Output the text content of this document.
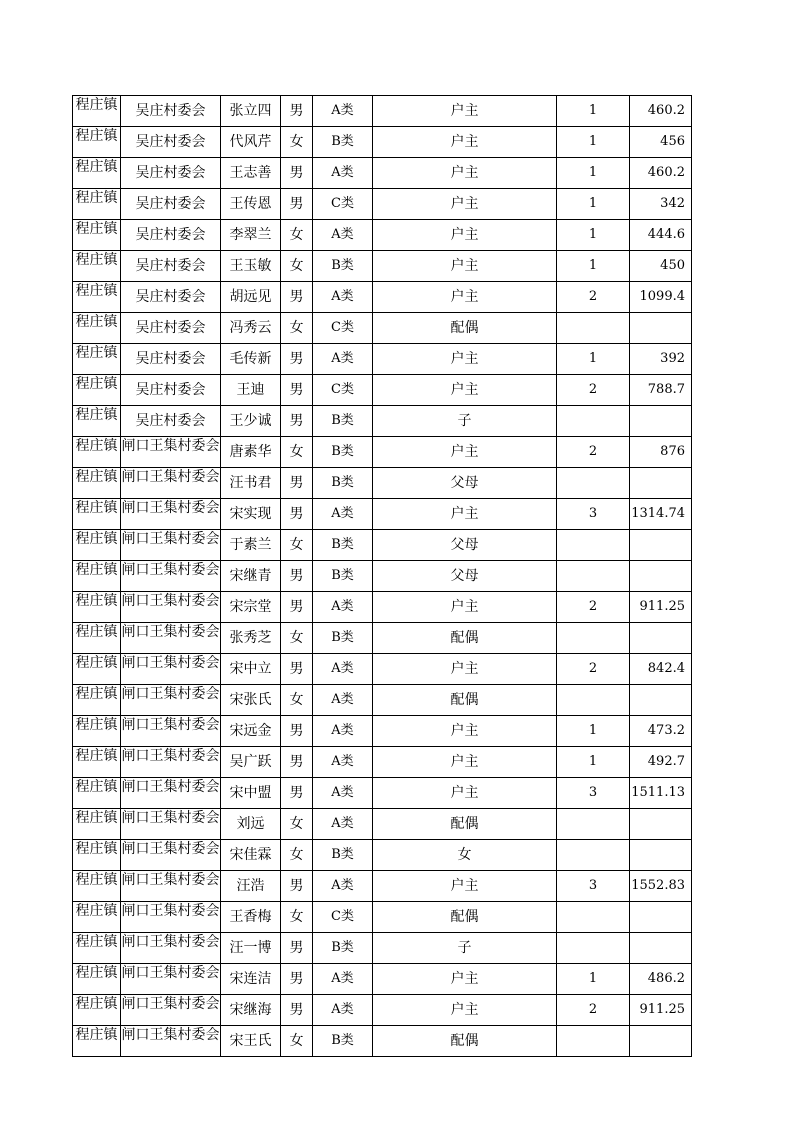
程庄镇	吴庄村委会	张立四	男	A类	户主	1	460.2
程庄镇	吴庄村委会	代风芹	女	B类	户主	1	456
程庄镇	吴庄村委会	王志善	男	A类	户主	1	460.2
程庄镇	吴庄村委会	王传恩	男	C类	户主	1	342
程庄镇	吴庄村委会	李翠兰	女	A类	户主	1	444.6
程庄镇	吴庄村委会	王玉敏	女	B类	户主	1	450
程庄镇	吴庄村委会	胡远见	男	A类	户主	2	1099.4
程庄镇	吴庄村委会	冯秀云	女	C类	配偶		
程庄镇	吴庄村委会	毛传新	男	A类	户主	1	392
程庄镇	吴庄村委会	王迪	男	C类	户主	2	788.7
程庄镇	吴庄村委会	王少诚	男	B类	子		
程庄镇	闸口王集村委会	唐素华	女	B类	户主	2	876
程庄镇	闸口王集村委会	汪书君	男	B类	父母		
程庄镇	闸口王集村委会	宋实现	男	A类	户主	3	1314.74
程庄镇	闸口王集村委会	于素兰	女	B类	父母		
程庄镇	闸口王集村委会	宋继青	男	B类	父母		
程庄镇	闸口王集村委会	宋宗堂	男	A类	户主	2	911.25
程庄镇	闸口王集村委会	张秀芝	女	B类	配偶		
程庄镇	闸口王集村委会	宋中立	男	A类	户主	2	842.4
程庄镇	闸口王集村委会	宋张氏	女	A类	配偶		
程庄镇	闸口王集村委会	宋远金	男	A类	户主	1	473.2
程庄镇	闸口王集村委会	吴广跃	男	A类	户主	1	492.7
程庄镇	闸口王集村委会	宋中盟	男	A类	户主	3	1511.13
程庄镇	闸口王集村委会	刘远	女	A类	配偶		
程庄镇	闸口王集村委会	宋佳霖	女	B类	女		
程庄镇	闸口王集村委会	汪浩	男	A类	户主	3	1552.83
程庄镇	闸口王集村委会	王香梅	女	C类	配偶		
程庄镇	闸口王集村委会	汪一博	男	B类	子		
程庄镇	闸口王集村委会	宋连洁	男	A类	户主	1	486.2
程庄镇	闸口王集村委会	宋继海	男	A类	户主	2	911.25
程庄镇	闸口王集村委会	宋王氏	女	B类	配偶		
